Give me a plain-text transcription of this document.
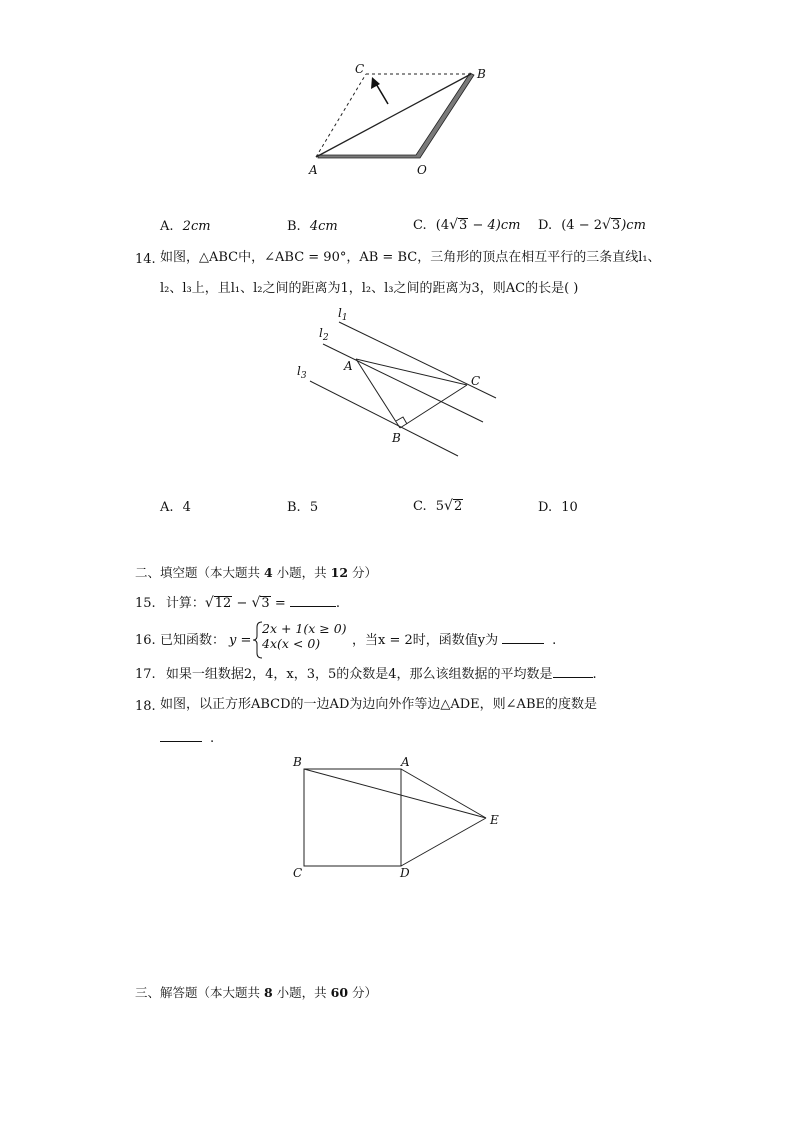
C	B
A	O
A. 2cm	B. 4cm	C. (4√3 − 4)cm D. (4 − 2√3)cm
14. 如图，△ABC中，∠ABC = 90°，AB = BC，三角形的顶点在相互平行的三条直线l₁、
l₂、l₃上，且l₁、l₂之间的距离为1，l₂、l₃之间的距离为3，则AC的长是( )
$l_1$
$l_2$
$l_3$
A
C
B
A. 4	B. 5	C. 5√2	D. 10
二、填空题（本大题共 4 小题，共 12 分）
15. 计算：√12 − √3 =	.
16. 已知函数： y =
2x + 1(x ≥ 0)
4x(x < 0) ，当x = 2时，函数值y为	.
17. 如果一组数据2，4，x，3，5的众数是4，那么该组数据的平均数是	.
18. 如图，以正方形ABCD的一边AD为边向外作等边△ADE，则∠ABE的度数是
.
B	A
E
C	D
三、解答题（本大题共 8 小题，共 60 分）
